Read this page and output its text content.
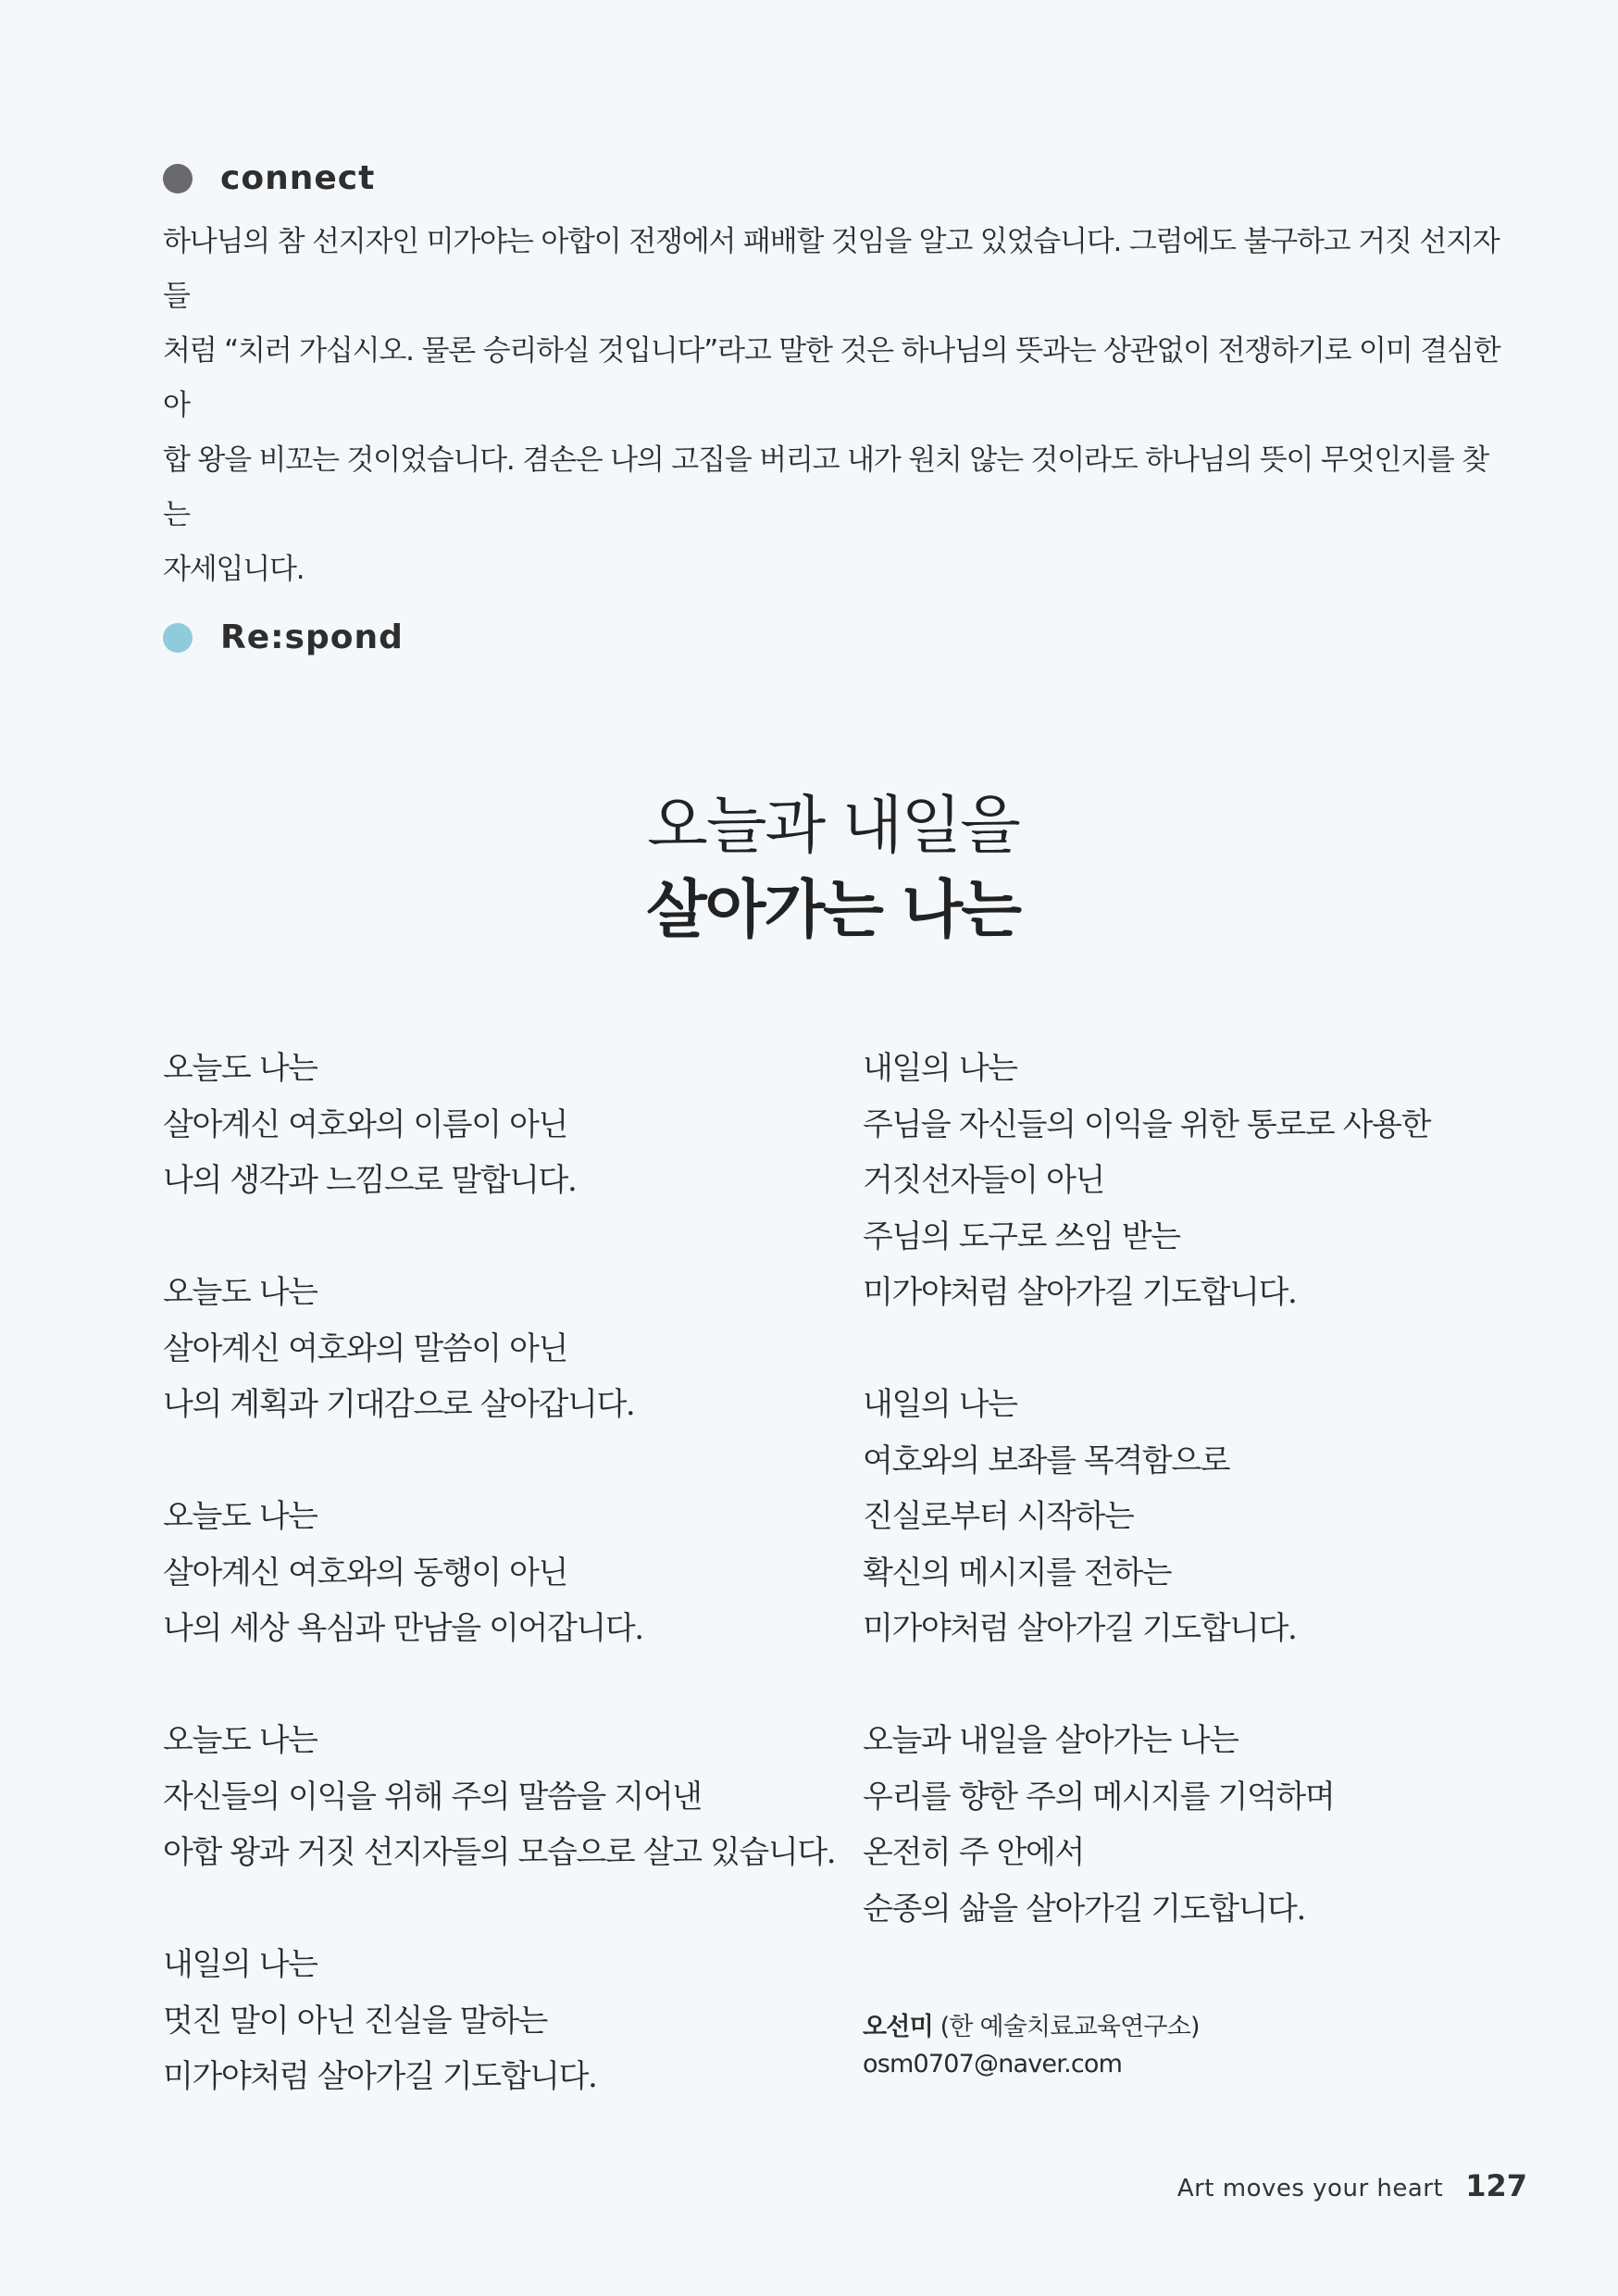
connect

하나님의 참 선지자인 미가야는 아합이 전쟁에서 패배할 것임을 알고 있었습니다. 그럼에도 불구하고 거짓 선지자들

처럼 “치러 가십시오. 물론 승리하실 것입니다”라고 말한 것은 하나님의 뜻과는 상관없이 전쟁하기로 이미 결심한 아

합 왕을 비꼬는 것이었습니다. 겸손은 나의 고집을 버리고 내가 원치 않는 것이라도 하나님의 뜻이 무엇인지를 찾는

자세입니다.

Re:spond
오늘과 내일을
살아가는 나는
오늘도 나는
살아계신 여호와의 이름이 아닌
나의 생각과 느낌으로 말합니다.
오늘도 나는
살아계신 여호와의 말씀이 아닌
나의 계획과 기대감으로 살아갑니다.
오늘도 나는
살아계신 여호와의 동행이 아닌
나의 세상 욕심과 만남을 이어갑니다.
오늘도 나는
자신들의 이익을 위해 주의 말씀을 지어낸
아합 왕과 거짓 선지자들의 모습으로 살고 있습니다.
내일의 나는
멋진 말이 아닌 진실을 말하는
미가야처럼 살아가길 기도합니다.
내일의 나는
주님을 자신들의 이익을 위한 통로로 사용한
거짓선자들이 아닌
주님의 도구로 쓰임 받는
미가야처럼 살아가길 기도합니다.
내일의 나는
여호와의 보좌를 목격함으로
진실로부터 시작하는
확신의 메시지를 전하는
미가야처럼 살아가길 기도합니다.
오늘과 내일을 살아가는 나는
우리를 향한 주의 메시지를 기억하며
온전히 주 안에서
순종의 삶을 살아가길 기도합니다.
오선미 (한 예술치료교육연구소)
osm0707@naver.com
Art moves your heart 127
